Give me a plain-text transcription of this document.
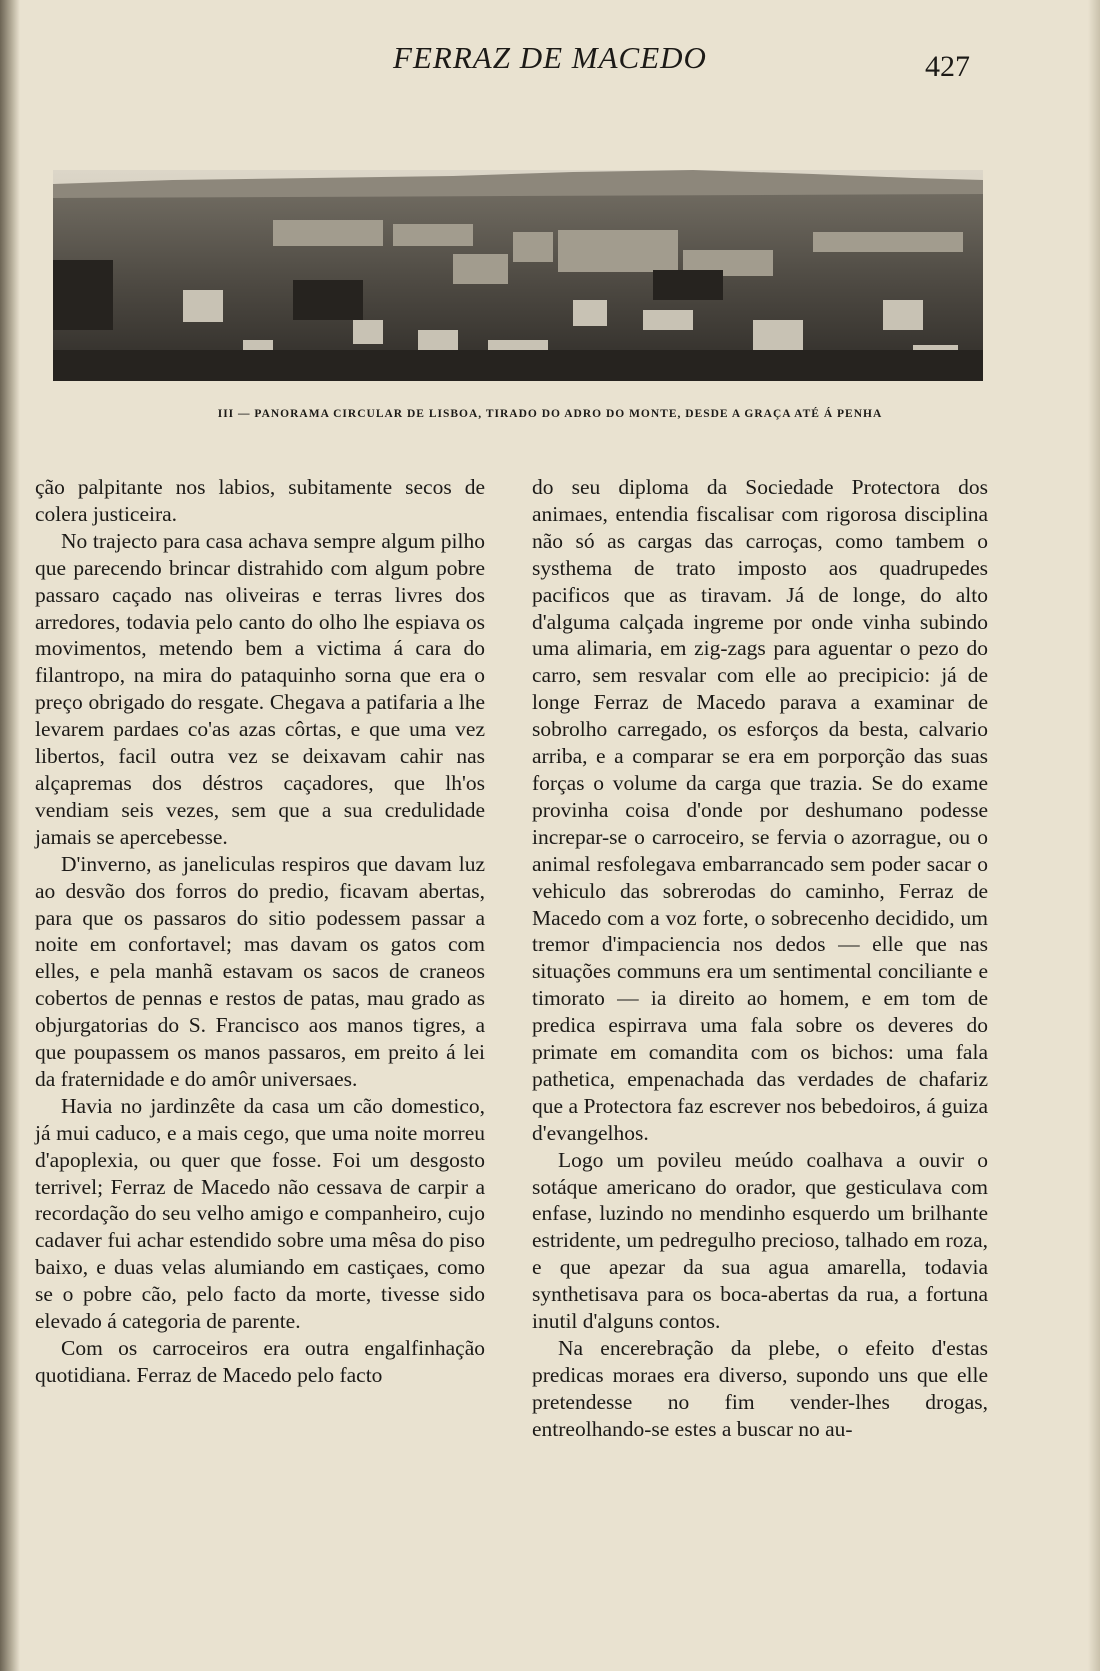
FERRAZ DE MACEDO	427
III — PANORAMA CIRCULAR DE LISBOA, TIRADO DO ADRO DO MONTE, DESDE A GRAÇA ATÉ Á PENHA

ção palpitante nos labios, subitamente secos de colera justiceira.

No trajecto para casa achava sempre algum pilho que parecendo brincar distrahido com algum pobre passaro caçado nas oliveiras e terras livres dos arredores, todavia pelo canto do olho lhe espiava os movimentos, metendo bem a victima á cara do filantropo, na mira do pataquinho sorna que era o preço obrigado do resgate. Chegava a patifaria a lhe levarem pardaes co'as azas côrtas, e que uma vez libertos, facil outra vez se deixavam cahir nas alçapremas dos déstros caçadores, que lh'os vendiam seis vezes, sem que a sua credulidade jamais se apercebesse.

D'inverno, as janeliculas respiros que davam luz ao desvão dos forros do predio, ficavam abertas, para que os passaros do sitio podessem passar a noite em confortavel; mas davam os gatos com elles, e pela manhã estavam os sacos de craneos cobertos de pennas e restos de patas, mau grado as objurgatorias do S. Francisco aos manos tigres, a que poupassem os manos passaros, em preito á lei da fraternidade e do amôr universaes.

Havia no jardinzête da casa um cão domestico, já mui caduco, e a mais cego, que uma noite morreu d'apoplexia, ou quer que fosse. Foi um desgosto terrivel; Ferraz de Macedo não cessava de carpir a recordação do seu velho amigo e companheiro, cujo cadaver fui achar estendido sobre uma mêsa do piso baixo, e duas velas alumiando em castiçaes, como se o pobre cão, pelo facto da morte, tivesse sido elevado á categoria de parente.

Com os carroceiros era outra engalfinhação quotidiana. Ferraz de Macedo pelo facto

do seu diploma da Sociedade Protectora dos animaes, entendia fiscalisar com rigorosa disciplina não só as cargas das carroças, como tambem o systhema de trato imposto aos quadrupedes pacificos que as tiravam. Já de longe, do alto d'alguma calçada ingreme por onde vinha subindo uma alimaria, em zig-zags para aguentar o pezo do carro, sem resvalar com elle ao precipicio: já de longe Ferraz de Macedo parava a examinar de sobrolho carregado, os esforços da besta, calvario arriba, e a comparar se era em porporção das suas forças o volume da carga que trazia. Se do exame provinha coisa d'onde por deshumano podesse increpar-se o carroceiro, se fervia o azorrague, ou o animal resfolegava embarrancado sem poder sacar o vehiculo das sobrerodas do caminho, Ferraz de Macedo com a voz forte, o sobrecenho decidido, um tremor d'impaciencia nos dedos — elle que nas situações communs era um sentimental conciliante e timorato — ia direito ao homem, e em tom de predica espirrava uma fala sobre os deveres do primate em comandita com os bichos: uma fala pathetica, empenachada das verdades de chafariz que a Protectora faz escrever nos bebedoiros, á guiza d'evangelhos.

Logo um povileu meúdo coalhava a ouvir o sotáque americano do orador, que gesticulava com enfase, luzindo no mendinho esquerdo um brilhante estridente, um pedregulho precioso, talhado em roza, e que apezar da sua agua amarella, todavia synthetisava para os boca-abertas da rua, a fortuna inutil d'alguns contos.

Na encerebração da plebe, o efeito d'estas predicas moraes era diverso, supondo uns que elle pretendesse no fim vender-lhes drogas, entreolhando-se estes a buscar no au-
